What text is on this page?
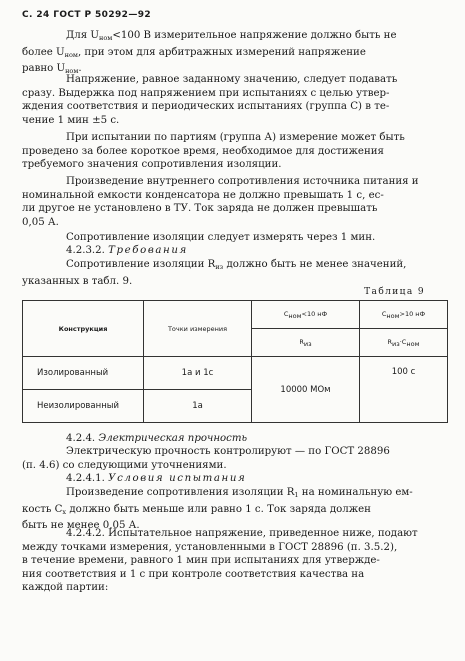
С. 24 ГОСТ Р 50292—92
Для $U_{ном}<100$ В измерительное напряжение должно быть не
более $U_{ном}$, при этом для арбитражных измерений напряжение
равно $U_{ном}$.
Напряжение, равное заданному значению, следует подавать
сразу. Выдержка под напряжением при испытаниях с целью утвер-
ждения соответствия и периодических испытаниях (группа С) в те-
чение 1 мин ±5 с.
При испытании по партиям (группа А) измерение может быть
проведено за более короткое время, необходимое для достижения
требуемого значения сопротивления изоляции.
Произведение внутреннего сопротивления источника питания и
номинальной емкости конденсатора не должно превышать 1 с, ес-
ли другое не установлено в ТУ. Ток заряда не должен превышать
0,05 А.
Сопротивление изоляции следует измерять через 1 мин.
4.2.3.2. Требования
Сопротивление изоляции $R_{из}$ должно быть не менее значений,
указанных в табл. 9.
Таблица 9
Конструкция	Точки измерения	$C_{ном}<10$ нФ	$C_{ном}>10$ нФ
		$R_{из}$	$R_{из}\cdot C_{ном}$
Изолированный	1а и 1с	10000 МОм	100 с
Неизолированный	1а		
4.2.4. Электрическая прочность
Электрическую прочность контролируют — по ГОСТ 28896
(п. 4.6) со следующими уточнениями.
4.2.4.1. Условия испытания
Произведение сопротивления изоляции $R_1$ на номинальную ем-
кость $C_x$ должно быть меньше или равно 1 с. Ток заряда должен
быть не менее 0,05 А.
4.2.4.2. Испытательное напряжение, приведенное ниже, подают
между точками измерения, установленными в ГОСТ 28896 (п. 3.5.2),
в течение времени, равного 1 мин при испытаниях для утвержде-
ния соответствия и 1 с при контроле соответствия качества на
каждой партии:
